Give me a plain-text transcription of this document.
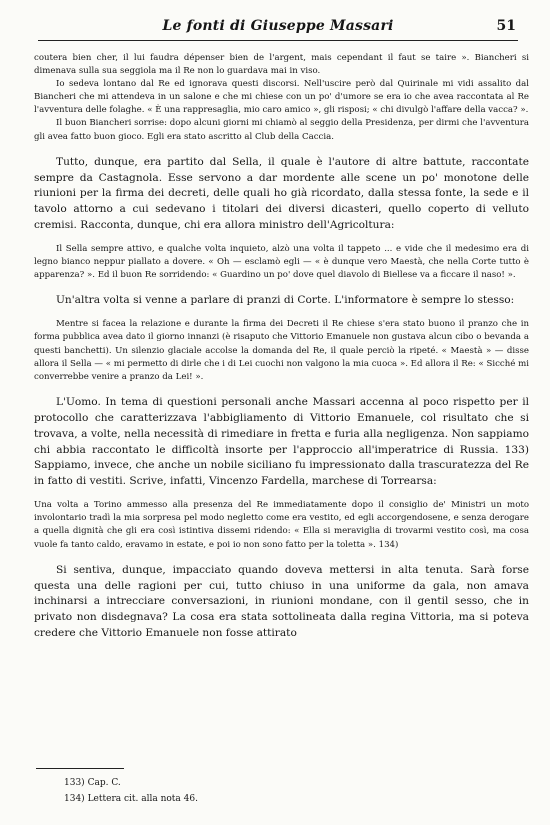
Le fonti di Giuseppe Massari	51

coutera bien cher, il lui faudra dépenser bien de l'argent, mais cependant il faut se taire ». Biancheri si dimenava sulla sua seggiola ma il Re non lo guardava mai in viso.

Io sedeva lontano dal Re ed ignorava questi discorsi. Nell'uscire però dal Quirinale mi vidi assalito dal Biancheri che mi attendeva in un salone e che mi chiese con un po' d'umore se era io che avea raccontata al Re l'avventura delle folaghe. « È una rappresaglia, mio caro amico », gli risposi; « chi divulgò l'affare della vacca? ».

Il buon Biancheri sorrise: dopo alcuni giorni mi chiamò al seggio della Presidenza, per dirmi che l'avventura gli avea fatto buon gioco. Egli era stato ascritto al Club della Caccia.

Tutto, dunque, era partito dal Sella, il quale è l'autore di altre battute, raccontate sempre da Castagnola. Esse servono a dar mordente alle scene un po' monotone delle riunioni per la firma dei decreti, delle quali ho già ricordato, dalla stessa fonte, la sede e il tavolo attorno a cui sedevano i titolari dei diversi dicasteri, quello coperto di velluto cremisi. Racconta, dunque, chi era allora ministro dell'Agricoltura:

Il Sella sempre attivo, e qualche volta inquieto, alzò una volta il tappeto ... e vide che il medesimo era di legno bianco neppur piallato a dovere. « Oh — esclamò egli — « è dunque vero Maestà, che nella Corte tutto è apparenza? ». Ed il buon Re sorridendo: « Guardino un po' dove quel diavolo di Biellese va a ficcare il naso! ».

Un'altra volta si venne a parlare di pranzi di Corte. L'informatore è sempre lo stesso:

Mentre si facea la relazione e durante la firma dei Decreti il Re chiese s'era stato buono il pranzo che in forma pubblica avea dato il giorno innanzi (è risaputo che Vittorio Emanuele non gustava alcun cibo o bevanda a questi banchetti). Un silenzio glaciale accolse la domanda del Re, il quale perciò la ripeté. « Maestà » — disse allora il Sella — « mi permetto di dirle che i di Lei cuochi non valgono la mia cuoca ». Ed allora il Re: « Sicché mi converrebbe venire a pranzo da Lei! ».

L'Uomo. In tema di questioni personali anche Massari accenna al poco rispetto per il protocollo che caratterizzava l'abbigliamento di Vittorio Emanuele, col risultato che si trovava, a volte, nella necessità di rimediare in fretta e furia alla negligenza. Non sappiamo chi abbia raccontato le difficoltà insorte per l'approccio all'imperatrice di Russia. 133) Sappiamo, invece, che anche un nobile siciliano fu impressionato dalla trascuratezza del Re in fatto di vestiti. Scrive, infatti, Vincenzo Fardella, marchese di Torrearsa:

Una volta a Torino ammesso alla presenza del Re immediatamente dopo il consiglio de' Ministri un moto involontario tradì la mia sorpresa pel modo negletto come era vestito, ed egli accorgendosene, e senza derogare a quella dignità che gli era così istintiva dissemi ridendo: « Ella si meraviglia di trovarmi vestito così, ma cosa vuole fa tanto caldo, eravamo in estate, e poi io non sono fatto per la toletta ». 134)

Si sentiva, dunque, impacciato quando doveva mettersi in alta tenuta. Sarà forse questa una delle ragioni per cui, tutto chiuso in una uniforme da gala, non amava inchinarsi a intrecciare conversazioni, in riunioni mondane, con il gentil sesso, che in privato non disdegnava? La cosa era stata sottolineata dalla regina Vittoria, ma si poteva credere che Vittorio Emanuele non fosse attirato

133) Cap. C.
134) Lettera cit. alla nota 46.
